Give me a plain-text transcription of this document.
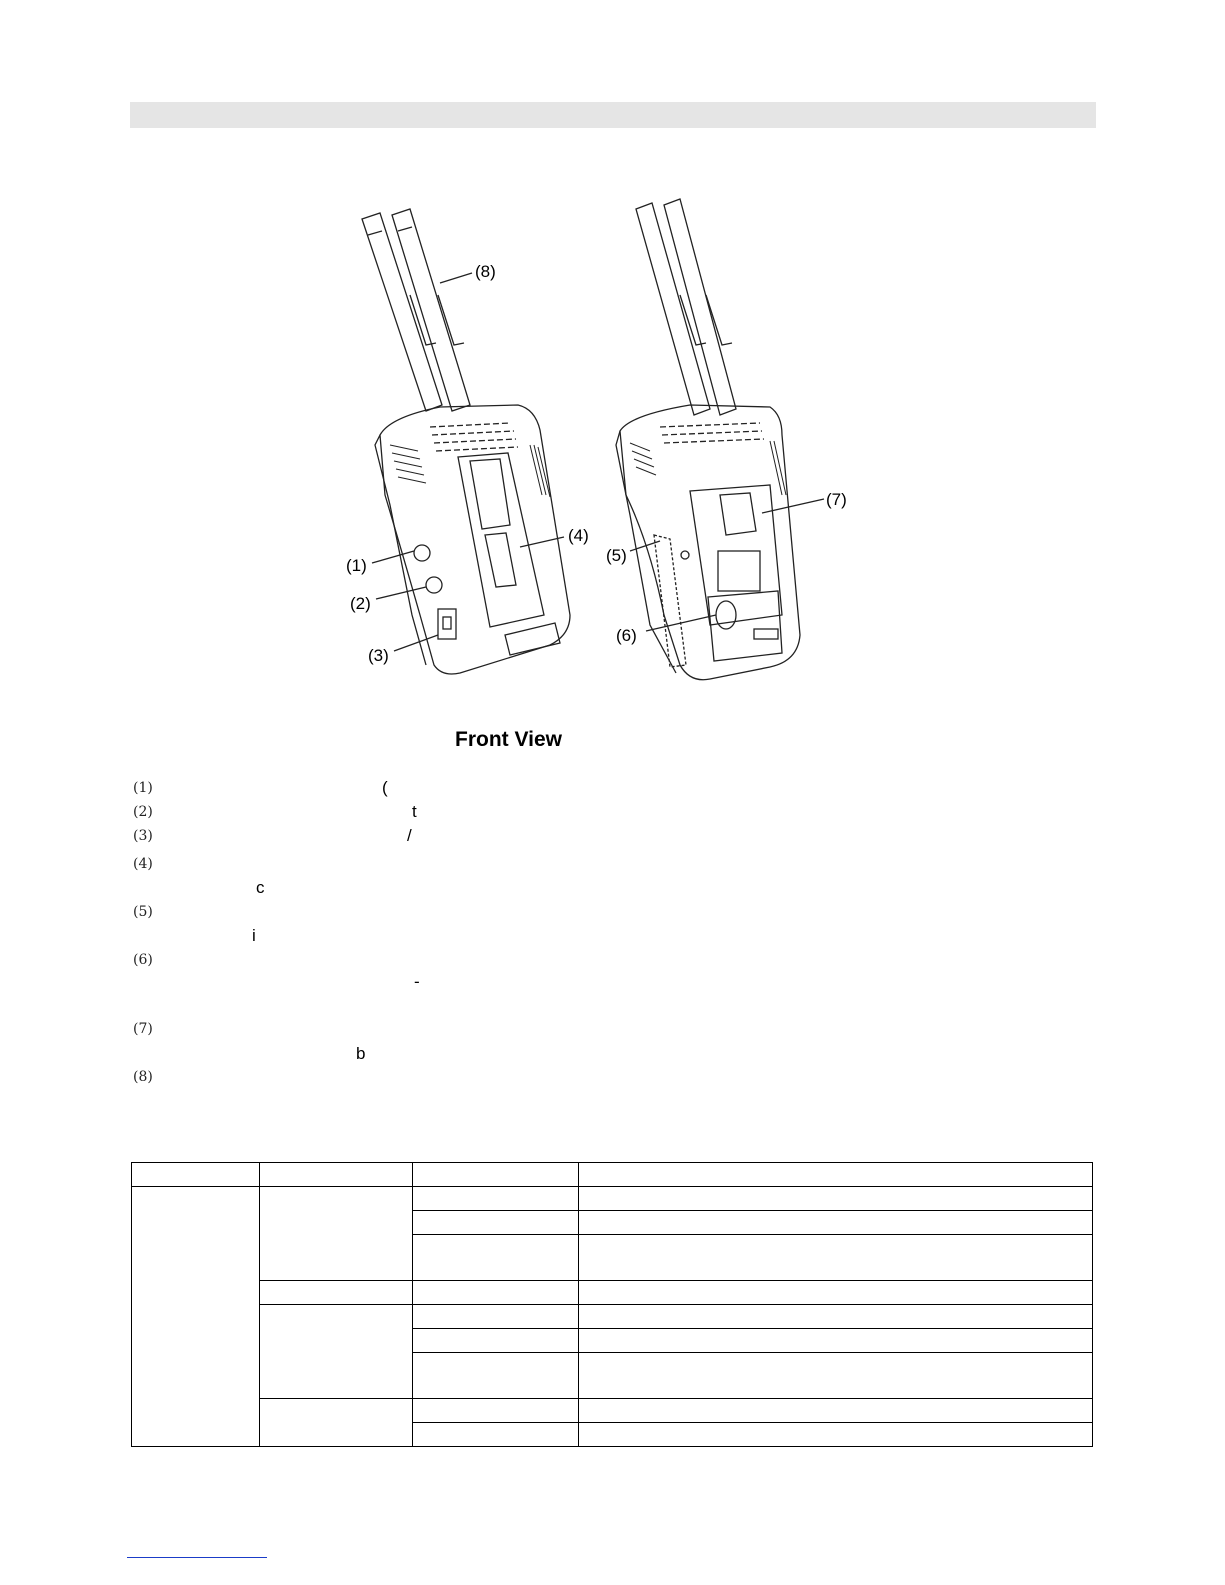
(8)
(1)
(2)
(3)
(4)
(7)
(5)
(6)
Front View
(1)
(2)
(3)
(4)
(5)
(6)
(7)
(8)
(
t
/
c
i
-
b
